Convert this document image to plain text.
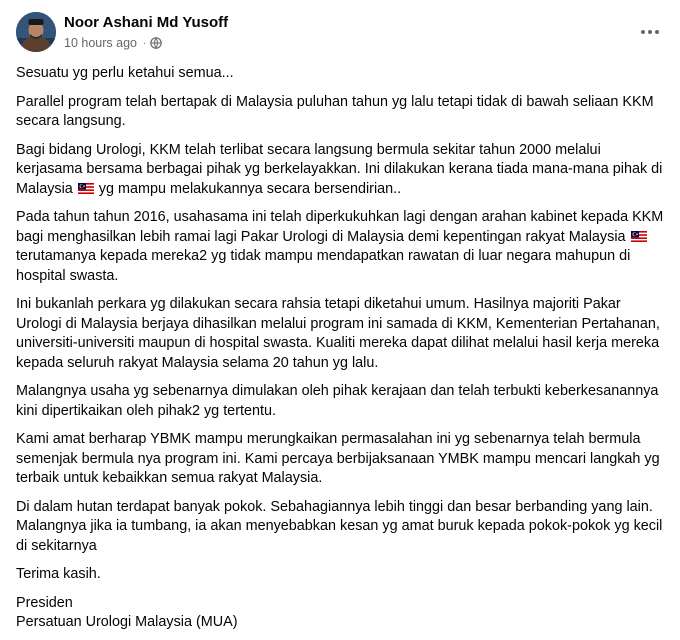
Noor Ashani Md Yusoff
10 hours ago ·

Sesuatu yg perlu ketahui semua...

Parallel program telah bertapak di Malaysia puluhan tahun yg lalu tetapi tidak di bawah seliaan KKM secara langsung.

Bagi bidang Urologi, KKM telah terlibat secara langsung bermula sekitar tahun 2000 melalui kerjasama bersama berbagai pihak yg berkelayakkan. Ini dilakukan kerana tiada mana-mana pihak di Malaysia yg mampu melakukannya secara bersendirian..

Pada tahun tahun 2016, usahasama ini telah diperkukuhkan lagi dengan arahan kabinet kepada KKM bagi menghasilkan lebih ramai lagi Pakar Urologi di Malaysia demi kepentingan rakyat Malaysia  terutamanya kepada mereka2 yg tidak mampu mendapatkan rawatan di luar negara mahupun di hospital swasta.

Ini bukanlah perkara yg dilakukan secara rahsia tetapi diketahui umum. Hasilnya majoriti Pakar Urologi di Malaysia berjaya dihasilkan melalui program ini samada di KKM, Kementerian Pertahanan, universiti-universiti maupun di hospital swasta. Kualiti mereka dapat dilihat melalui hasil kerja mereka kepada seluruh rakyat Malaysia selama 20 tahun yg lalu.

Malangnya usaha yg sebenarnya dimulakan oleh pihak kerajaan dan telah terbukti keberkesanannya kini dipertikaikan oleh pihak2 yg tertentu.

Kami amat berharap YBMK mampu merungkaikan permasalahan ini yg sebenarnya telah bermula semenjak bermula nya program ini. Kami percaya berbijaksanaan YMBK mampu mencari langkah yg terbaik untuk kebaikkan semua rakyat Malaysia.

Di dalam hutan terdapat banyak pokok. Sebahagiannya lebih tinggi dan besar berbanding yang lain. Malangnya jika ia tumbang, ia akan menyebabkan kesan yg amat buruk kepada pokok-pokok yg kecil di sekitarnya

Terima kasih.

Presiden
Persatuan Urologi Malaysia (MUA)
